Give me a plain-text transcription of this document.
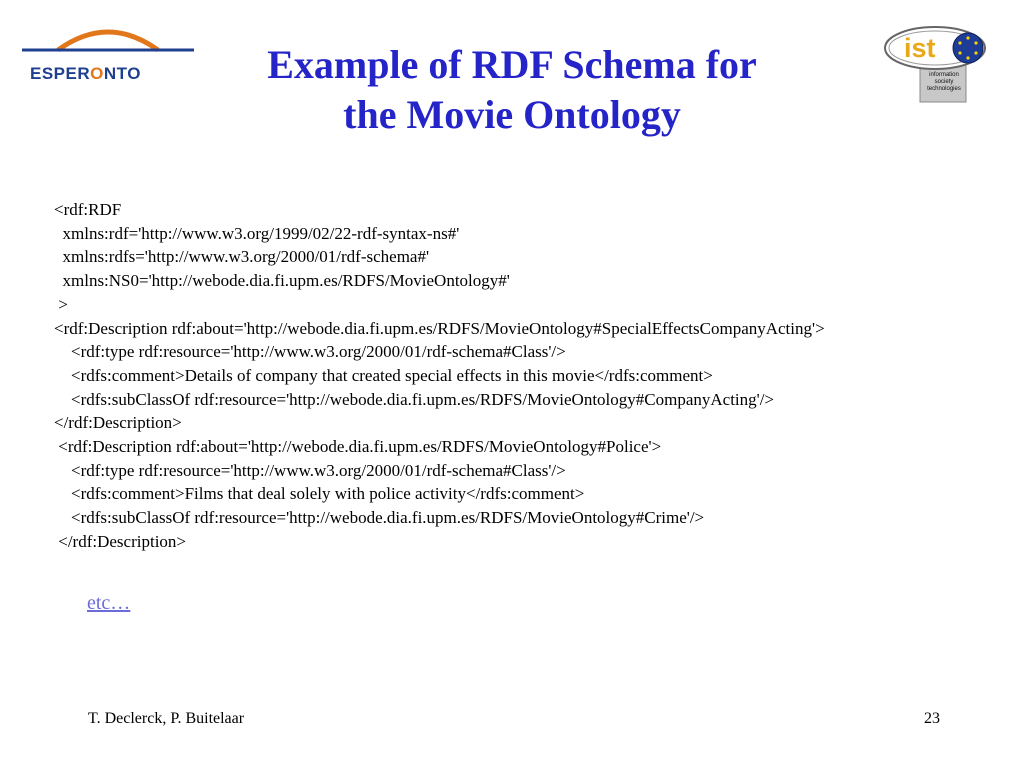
ESPERONTO
ist
information
society
technologies
Example of RDF Schema for
the Movie Ontology
<rdf:RDF
xmlns:rdf='http://www.w3.org/1999/02/22-rdf-syntax-ns#'
xmlns:rdfs='http://www.w3.org/2000/01/rdf-schema#'
xmlns:NS0='http://webode.dia.fi.upm.es/RDFS/MovieOntology#'
>
<rdf:Description rdf:about='http://webode.dia.fi.upm.es/RDFS/MovieOntology#SpecialEffectsCompanyActing'>
<rdf:type rdf:resource='http://www.w3.org/2000/01/rdf-schema#Class'/>
<rdfs:comment>Details of company that created special effects in this movie</rdfs:comment>
<rdfs:subClassOf rdf:resource='http://webode.dia.fi.upm.es/RDFS/MovieOntology#CompanyActing'/>
</rdf:Description>
<rdf:Description rdf:about='http://webode.dia.fi.upm.es/RDFS/MovieOntology#Police'>
<rdf:type rdf:resource='http://www.w3.org/2000/01/rdf-schema#Class'/>
<rdfs:comment>Films that deal solely with police activity</rdfs:comment>
<rdfs:subClassOf rdf:resource='http://webode.dia.fi.upm.es/RDFS/MovieOntology#Crime'/>
</rdf:Description>
etc…
T. Declerck, P. Buitelaar	23
